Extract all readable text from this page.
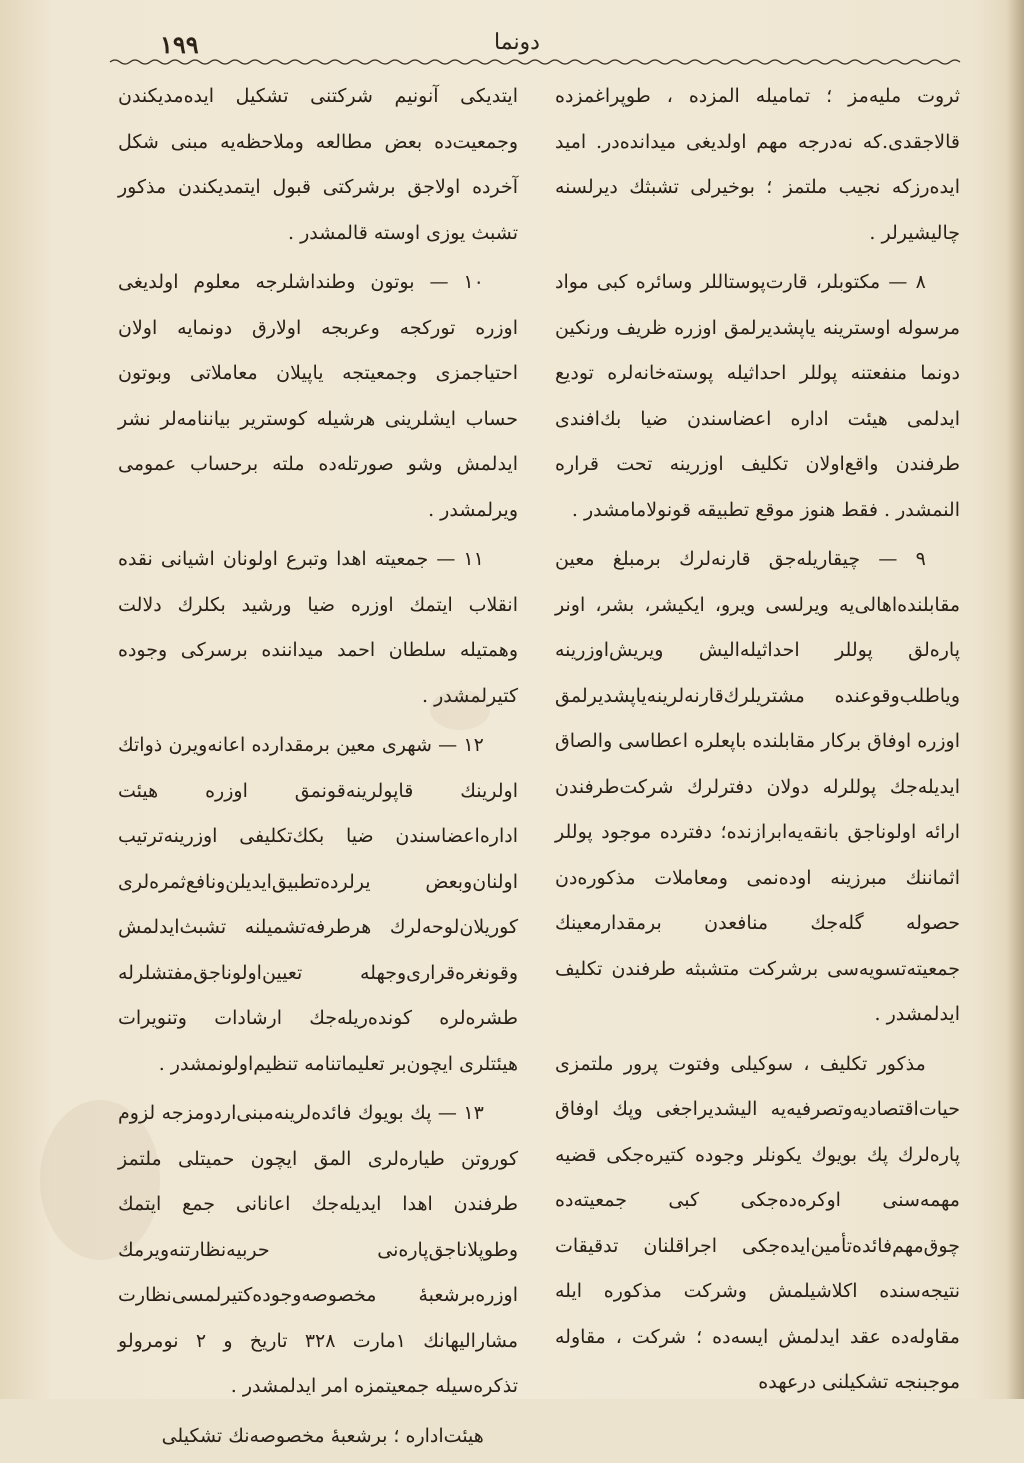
١٩٩	دونما

ثروت ملیه‌مز ؛ تماميله المزده ، طوپراغمزده قالاجقدی.که نه‌درجه مهم اولدیغی میداندەدر. امید ایده‌رزکه نجیب ملتمز ؛ بوخیرلی تشبثك دیرلسنه چالیشیرلر .

٨ — مكتوبلر، قارت‌پوستاللر وسائره كبی مواد مرسوله اوسترینه یاپشدیرلمق اوزره ظریف ورنكین دونما منفعتنه پوللر احداثیله پوسته‌خانه‌لره توديع ايدلمی هيئت اداره اعضاسندن ضيا بك‌افندی طرفندن واقع‌اولان تكليف اوزرینه تحت قراره النمشدر . فقط هنوز موقع تطبیقه قونولامامشدر .

٩ — چیقاریله‌جق قارنه‌لرك برمبلغ معین مقابلنده‌اهالی‌یه ویرلسی ویرو، ایکیشر، بشر، اونر پاره‌لق پوللر احداثیله‌الیش ویریش‌اوزرینه ویاطلب‌وقوعنده مشتریلرك‌قارنه‌لرینه‌یاپشدیرلمق اوزره اوفاق بركار مقابلنده باپعلره اعطاسی والصاق ايديله‌جك پوللرله دولان دفترلرك شركت‌طرفندن ارائه اولوناجق بانقه‌یه‌ابرازنده؛ دفترده موجود پوللر اثماننك مبرزينه اوده‌نمی ومعاملات مذكوره‌دن حصوله گله‌جك منافعدن برمقدارمعینك جمعیته‌تسویه‌سی برشركت متشبثه طرفندن تكليف ايدلمشدر .

مذكور تكليف ، سوكيلی وفتوت پرور ملتمزی حیات‌اقتصادیه‌وتصرفیه‌یه الیشدیراجغی وپك اوفاق پاره‌لرك پك بويوك یكونلر وجوده كتیره‌جكی قضیه‌ مهمه‌سنی اوكره‌ده‌جكی كبی جمعیته‌ده چوق‌مهم‌فائده‌تأمین‌ایده‌جكی اجرا‌قلنان تدقيقات نتیجه‌سنده اكلاشیلمش وشركت مذكوره ایله مقاوله‌ده عقد ايدلمش ايسه‌ده ؛ شركت ، مقاوله موجبنجه تشكيلنی درعهده

ايتديكی آنونیم شركتنی تشكيل ايده‌مديكندن وجمعیت‌ده بعض مطالعه وملاحظه‌یه مبنی شكل آخرده اولاجق برشركتی قبول ایتمديكندن مذكور تشبث یوزی اوسته قالمشدر .

١٠ — بوتون وطنداشلرجه معلوم اولدیغی اوزره توركجه وعربجه اولارق دونمایه اولان احتیاجمزی وجمعیتجه یاپيلان معاملاتی وبوتون حساب ایشلرینی هرشیله كوستریر بیاننامه‌لر نشر ايدلمش وشو صورتله‌ده ملته برحساب عمومی ویرلمشدر .

١١ — جمعیته اهدا وتبرع اولونان اشیانی نقده انقلاب ایتمك اوزره ضیا ورشید بكلرك دلالت وهمتيله سلطان احمد میداننده برسركی وجوده كتیرلمشدر .

١٢ — شهری معين برمقدارده اعانه‌ویرن ذواتك اولرینك قاپولرینه‌قونمق اوزره هیئت اداره‌اعضاسندن ضيا بكك‌تكليفی اوزرینه‌ترتيب اولنان‌وبعض یرلرده‌تطبیق‌ايدیلن‌ونافع‌ثمره‌لری كوریلان‌لوحه‌لرك هرطرفه‌تشمیلنه تشبث‌ایدلمش وقونغره‌قراری‌وجهله تعیین‌اولوناجق‌مفتشلرله طشره‌لره كونده‌ریله‌جك ارشادات وتنويرات هیئتلری ایچون‌بر تعلیماتنامه تنظیم‌اولونمشدر .

١٣ — پك بويوك فائده‌لرینه‌مبنی‌اردومزجه لزوم كوروتن طیاره‌لری المق ایچون حمیتلی ملتمز طرفندن اهدا ايديله‌جك اعانانی جمع ایتمك وطوپلاناجق‌پاره‌نی حربیه‌نظارتنه‌ویرمك اوزره‌برشعبهٔ مخصوصه‌وجوده‌كتیرلمسی‌نظارت مشاراليهانك ١مارت ٣٢٨ تاريخ و ٢ نومرولو تذكره‌سيله جمعیتمزه امر ايدلمشدر .

هیئت‌اداره ؛ برشعبهٔ مخصوصه‌نك تشكيلی
